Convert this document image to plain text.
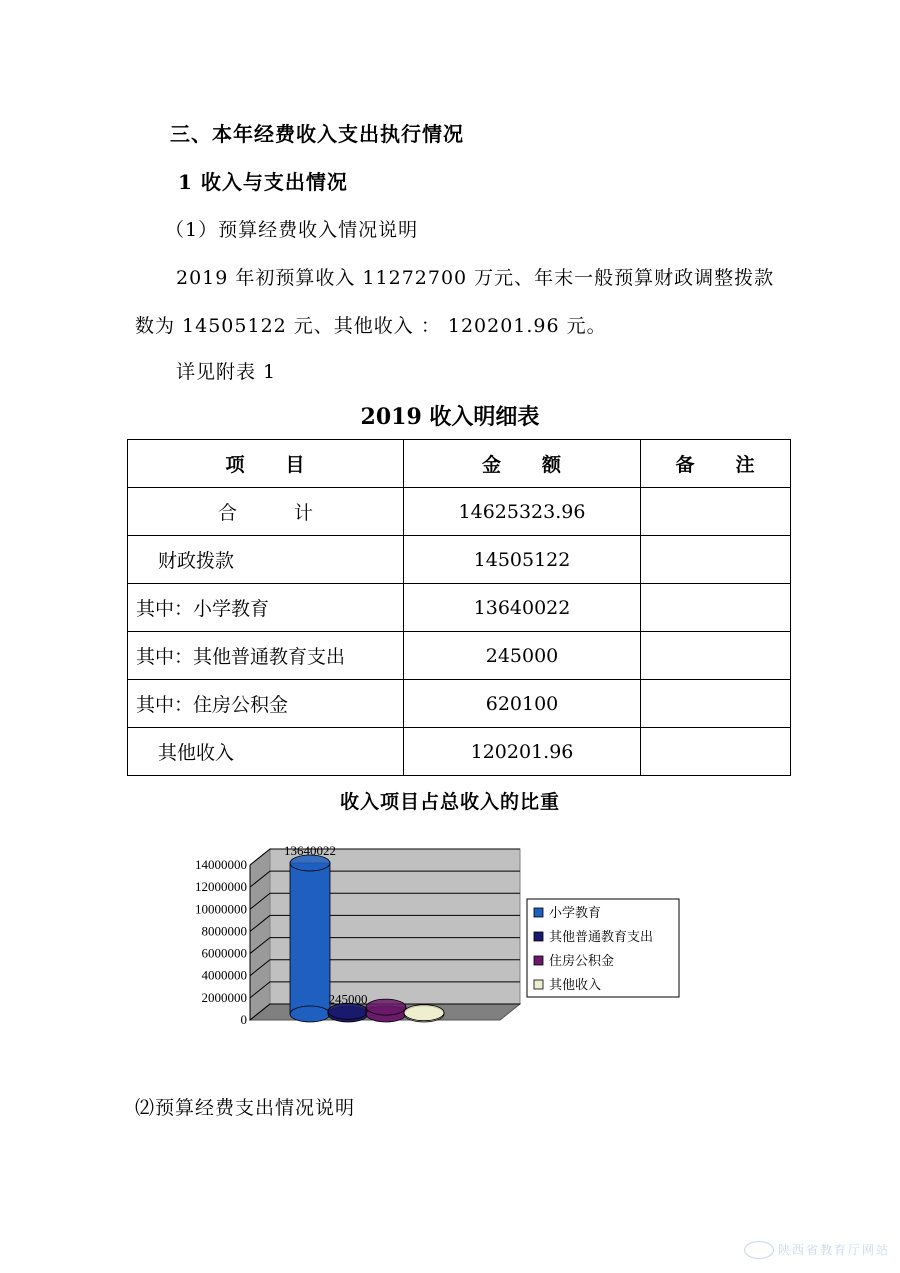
三、本年经费收入支出执行情况
1 收入与支出情况
（1）预算经费收入情况说明
2019 年初预算收入 11272700 万元、年末一般预算财政调整拨款
数为 14505122 元、其他收入 ： 120201.96 元。
详见附表 1
2019 收入明细表
项　　目	金　　额	备　　注
合　　　计	14625323.96	
财政拨款	14505122	
其中：小学教育	13640022	
其中：其他普通教育支出	245000	
其中：住房公积金	620100	
其他收入	120201.96	
收入项目占总收入的比重
0
2000000
4000000
6000000
8000000
10000000
12000000
14000000
13640022
245000
小学教育
其他普通教育支出
住房公积金
其他收入
⑵预算经费支出情况说明
陕西省教育厅网站
